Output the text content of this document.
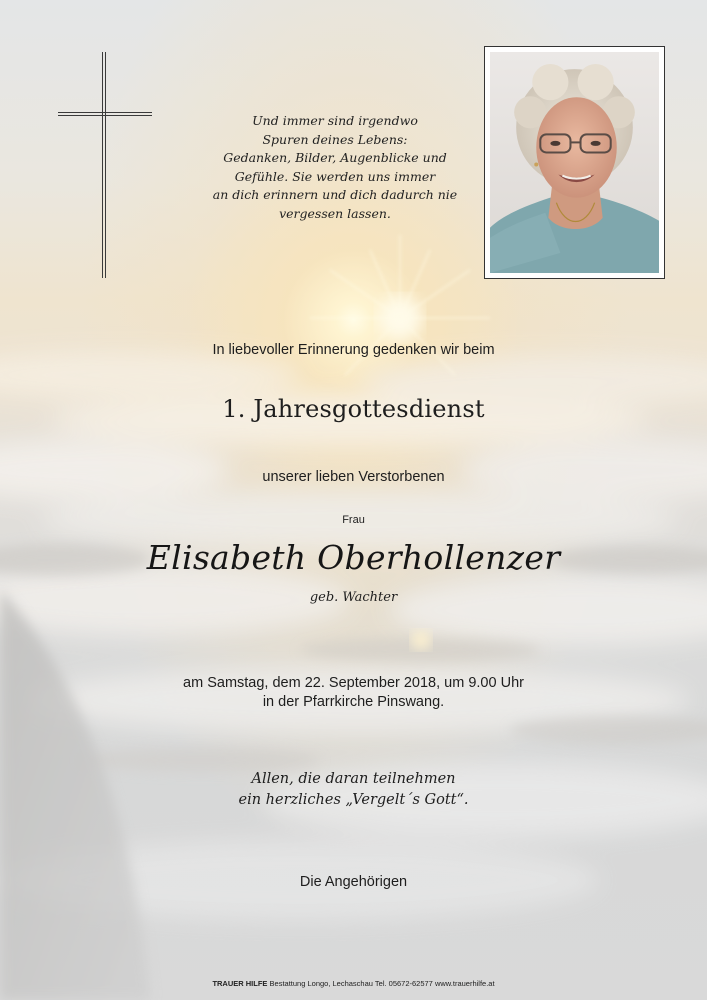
Und immer sind irgendwo
Spuren deines Lebens:
Gedanken, Bilder, Augenblicke und
Gefühle. Sie werden uns immer
an dich erinnern und dich dadurch nie
vergessen lassen.
In liebevoller Erinnerung gedenken wir beim
1. Jahresgottesdienst
unserer lieben Verstorbenen
Frau
Elisabeth Oberhollenzer
geb. Wachter
am Samstag, dem 22. September 2018, um 9.00 Uhr
in der Pfarrkirche Pinswang.
Allen, die daran teilnehmen
ein herzliches „Vergelt´s Gott“.
Die Angehörigen
TRAUER HILFE Bestattung Longo, Lechaschau Tel. 05672-62577 www.trauerhilfe.at
